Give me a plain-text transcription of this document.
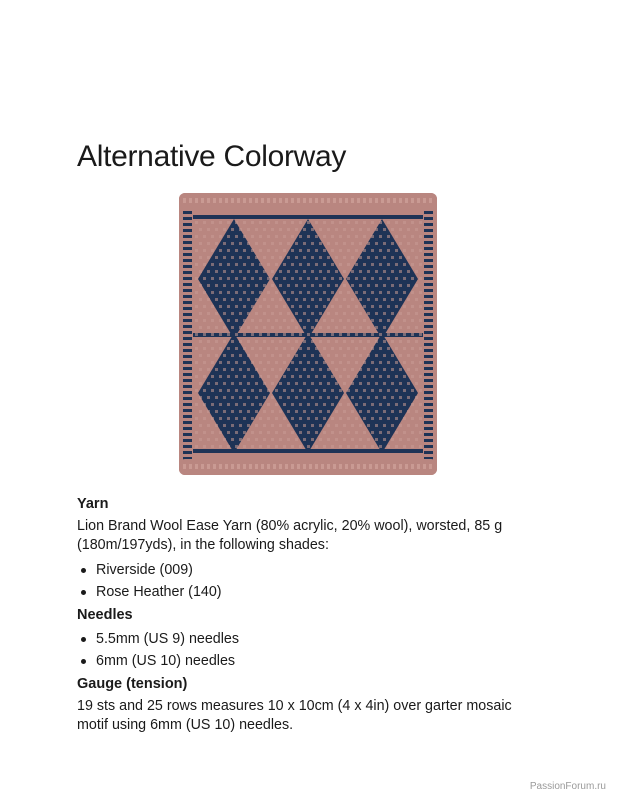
Alternative Colorway
Yarn
Lion Brand Wool Ease Yarn (80% acrylic, 20% wool), worsted, 85 g
(180m/197yds), in the following shades:
Riverside (009)
Rose Heather (140)
Needles
5.5mm (US 9) needles
6mm (US 10) needles
Gauge (tension)
19 sts and 25 rows measures 10 x 10cm (4 x 4in) over garter mosaic
motif using 6mm (US 10) needles.
PassionForum.ru
